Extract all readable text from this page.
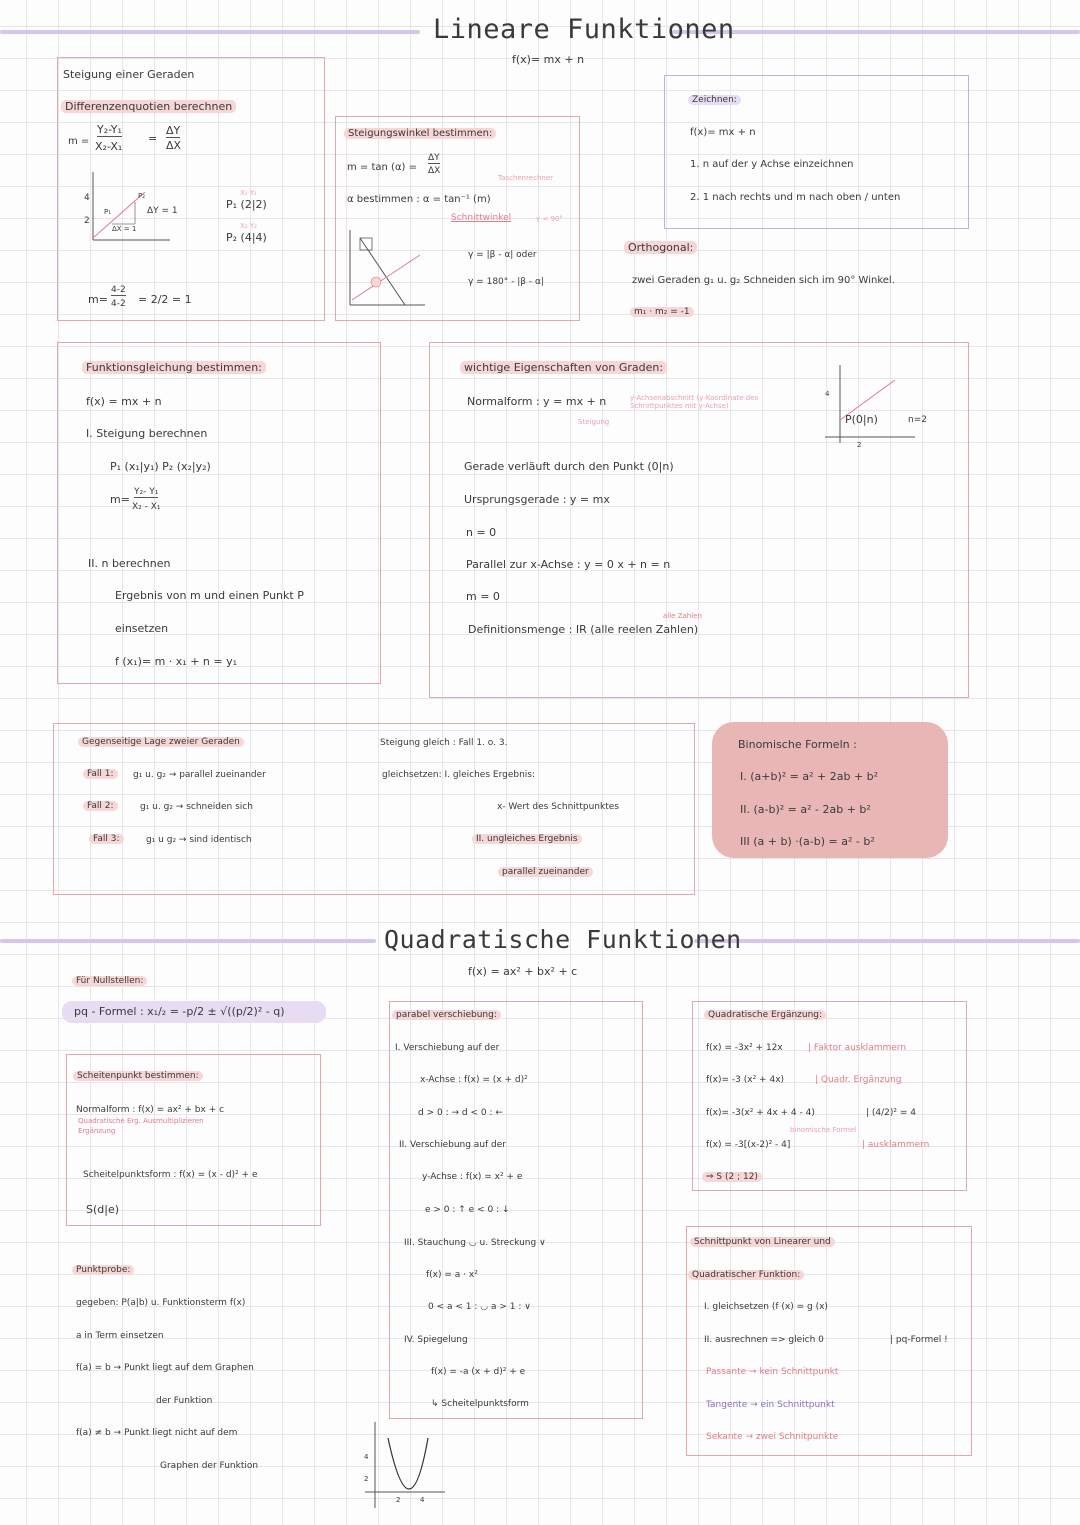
Lineare Funktionen
f(x)= mx + n
Steigung einer Geraden
Differenzenquotien berechnen
m =
Y₂-Y₁
X₂-X₁
=
ΔY
ΔX
4
2
P₂
P₁	ΔY = 1
ΔX = 1
X₁ Y₁
P₁ (2|2)
X₂ Y₂
P₂ (4|4)
m=
4-2
4-2 = 2/2 = 1
Steigungswinkel bestimmen:
m = tan (α) =
ΔY
ΔX
Taschenrechner
α bestimmen : α = tan⁻¹ (m)
Schnittwinkel	γ < 90°
γ = |β - α| oder
γ = 180° - |β - α|
Zeichnen:
f(x)= mx + n
1. n auf der y Achse einzeichnen
2. 1 nach rechts und m nach oben / unten
Orthogonal:
zwei Geraden g₁ u. g₂ Schneiden sich im 90° Winkel.
m₁ · m₂ = -1
Funktionsgleichung bestimmen:
f(x) = mx + n
I. Steigung berechnen
P₁ (x₁|y₁) P₂ (x₂|y₂)
m=
Y₂- Y₁
X₂ - X₁
II. n berechnen
Ergebnis von m und einen Punkt P
einsetzen
f (x₁)= m · x₁ + n = y₁
wichtige Eigenschaften von Graden:
Normalform : y = mx + n	y-Achsenabschnitt (y-Koordinate des Schnittpunktes mit y-Achse)
Steigung
Gerade verläuft durch den Punkt (0|n)
Ursprungsgerade : y = mx
n = 0
Parallel zur x-Achse : y = 0 x + n = n
m = 0
alle Zahlen
Definitionsmenge : IR (alle reelen Zahlen)
4
2
P(0|n)	n=2
Gegenseitige Lage zweier Geraden
Fall 1:	g₁ u. g₂ → parallel zueinander
Fall 2:	g₁ u. g₂ → schneiden sich
Fall 3:	g₁ u g₂ → sind identisch
Steigung gleich : Fall 1. o. 3.
gleichsetzen: I. gleiches Ergebnis:
x- Wert des Schnittpunktes
II. ungleiches Ergebnis
parallel zueinander
Binomische Formeln :
I. (a+b)² = a² + 2ab + b²
II. (a-b)² = a² - 2ab + b²
III (a + b) ·(a-b) = a² - b²
Quadratische Funktionen
f(x) = ax² + bx² + c
Für Nullstellen:
pq - Formel : x₁/₂ = -p/2 ± √((p/2)² - q)
Scheitenpunkt bestimmen:
Normalform : f(x) = ax² + bx + c
Quadratische Erg. Ausmultiplizieren
Ergänzung
Scheitelpunktsform : f(x) = (x - d)² + e
S(d|e)
Punktprobe:
gegeben: P(a|b) u. Funktionsterm f(x)
a in Term einsetzen
f(a) = b → Punkt liegt auf dem Graphen
der Funktion
f(a) ≠ b → Punkt liegt nicht auf dem
Graphen der Funktion
4
2
2	4
parabel verschiebung:
I. Verschiebung auf der
x-Achse : f(x) = (x + d)²
d > 0 : → d < 0 : ←
II. Verschiebung auf der
y-Achse : f(x) = x² + e
e > 0 : ↑ e < 0 : ↓
III. Stauchung ◡ u. Streckung ∨
f(x) = a · x²
0 < a < 1 : ◡ a > 1 : ∨
IV. Spiegelung
f(x) = -a (x + d)² + e
↳ Scheitelpunktsform
Quadratische Ergänzung:
f(x) = -3x² + 12x	| Faktor ausklammern
f(x)= -3 (x² + 4x)	| Quadr. Ergänzung
f(x)= -3(x² + 4x + 4 - 4)	| (4/2)² = 4
binomische Formel
f(x) = -3[(x-2)² - 4]	| ausklammern
⇒ S (2 ; 12)
Schnittpunkt von Linearer und
Quadratischer Funktion:
I. gleichsetzen (f (x) = g (x)
II. ausrechnen => gleich 0	| pq-Formel !
Passante → kein Schnittpunkt
Tangente → ein Schnittpunkt
Sekante → zwei Schnitpunkte
